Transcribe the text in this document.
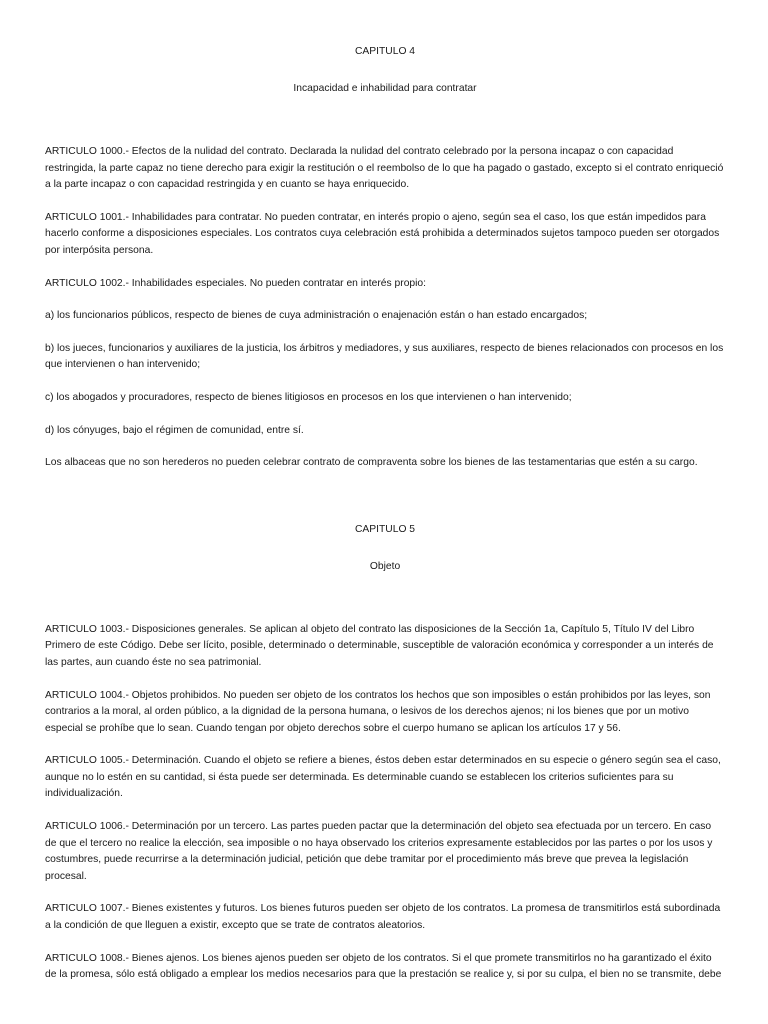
CAPITULO 4

Incapacidad e inhabilidad para contratar

ARTICULO 1000.- Efectos de la nulidad del contrato. Declarada la nulidad del contrato celebrado por la persona incapaz o con capacidad restringida, la parte capaz no tiene derecho para exigir la restitución o el reembolso de lo que ha pagado o gastado, excepto si el contrato enriqueció a la parte incapaz o con capacidad restringida y en cuanto se haya enriquecido.

ARTICULO 1001.- Inhabilidades para contratar. No pueden contratar, en interés propio o ajeno, según sea el caso, los que están impedidos para hacerlo conforme a disposiciones especiales. Los contratos cuya celebración está prohibida a determinados sujetos tampoco pueden ser otorgados por interpósita persona.

ARTICULO 1002.- Inhabilidades especiales. No pueden contratar en interés propio:

a) los funcionarios públicos, respecto de bienes de cuya administración o enajenación están o han estado encargados;

b) los jueces, funcionarios y auxiliares de la justicia, los árbitros y mediadores, y sus auxiliares, respecto de bienes relacionados con procesos en los que intervienen o han intervenido;

c) los abogados y procuradores, respecto de bienes litigiosos en procesos en los que intervienen o han intervenido;

d) los cónyuges, bajo el régimen de comunidad, entre sí.

Los albaceas que no son herederos no pueden celebrar contrato de compraventa sobre los bienes de las testamentarias que estén a su cargo.

CAPITULO 5

Objeto

ARTICULO 1003.- Disposiciones generales. Se aplican al objeto del contrato las disposiciones de la Sección 1a, Capítulo 5, Título IV del Libro Primero de este Código. Debe ser lícito, posible, determinado o determinable, susceptible de valoración económica y corresponder a un interés de las partes, aun cuando éste no sea patrimonial.

ARTICULO 1004.- Objetos prohibidos. No pueden ser objeto de los contratos los hechos que son imposibles o están prohibidos por las leyes, son contrarios a la moral, al orden público, a la dignidad de la persona humana, o lesivos de los derechos ajenos; ni los bienes que por un motivo especial se prohíbe que lo sean. Cuando tengan por objeto derechos sobre el cuerpo humano se aplican los artículos 17 y 56.

ARTICULO 1005.- Determinación. Cuando el objeto se refiere a bienes, éstos deben estar determinados en su especie o género según sea el caso, aunque no lo estén en su cantidad, si ésta puede ser determinada. Es determinable cuando se establecen los criterios suficientes para su individualización.

ARTICULO 1006.- Determinación por un tercero. Las partes pueden pactar que la determinación del objeto sea efectuada por un tercero. En caso de que el tercero no realice la elección, sea imposible o no haya observado los criterios expresamente establecidos por las partes o por los usos y costumbres, puede recurrirse a la determinación judicial, petición que debe tramitar por el procedimiento más breve que prevea la legislación procesal.

ARTICULO 1007.- Bienes existentes y futuros. Los bienes futuros pueden ser objeto de los contratos. La promesa de transmitirlos está subordinada a la condición de que lleguen a existir, excepto que se trate de contratos aleatorios.

ARTICULO 1008.- Bienes ajenos. Los bienes ajenos pueden ser objeto de los contratos. Si el que promete transmitirlos no ha garantizado el éxito de la promesa, sólo está obligado a emplear los medios necesarios para que la prestación se realice y, si por su culpa, el bien no se transmite, debe
